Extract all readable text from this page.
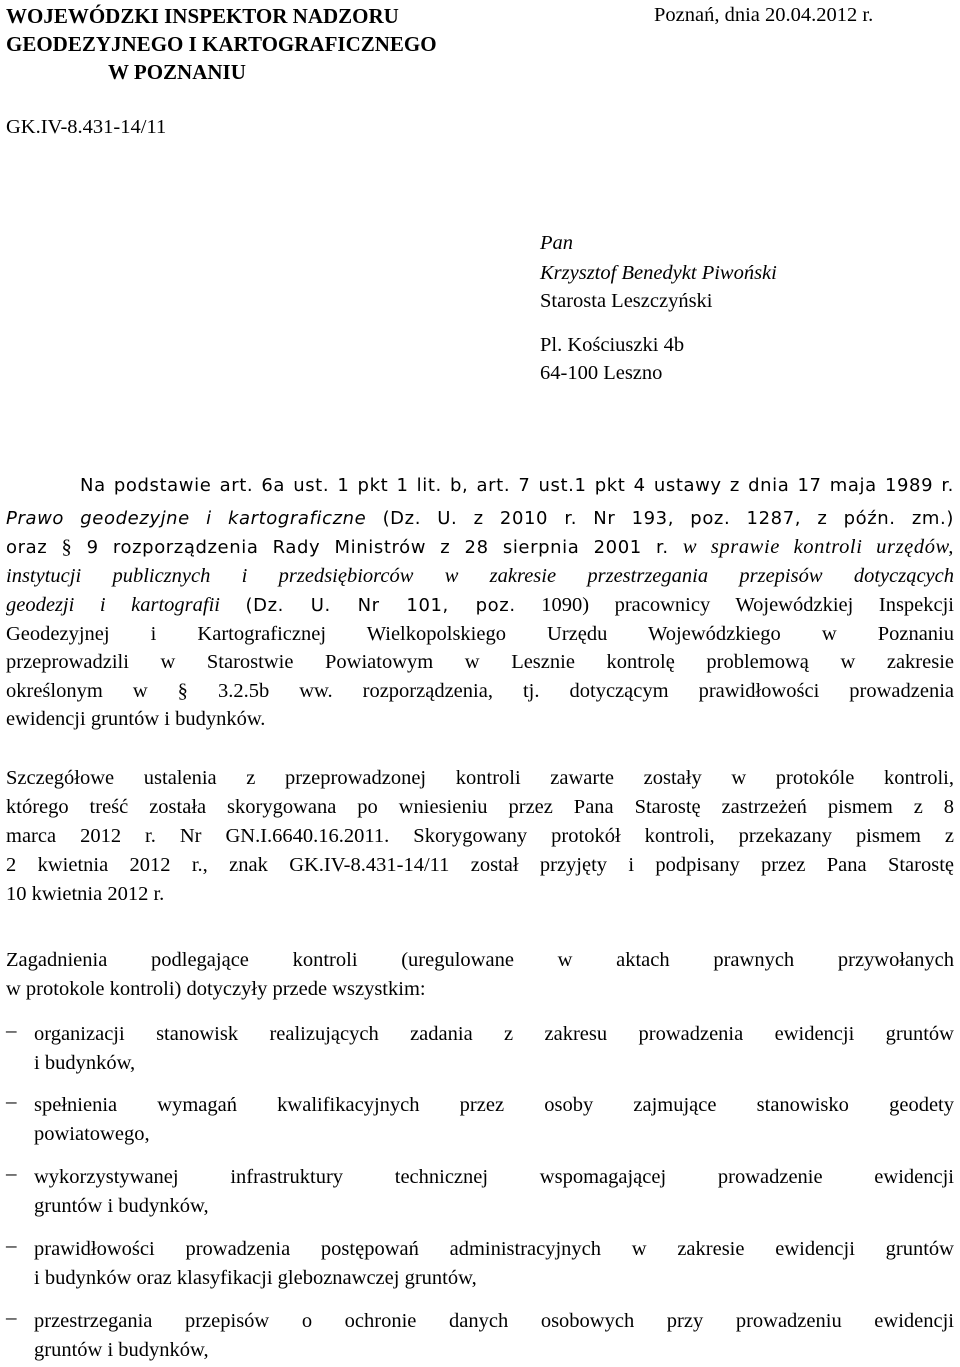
WOJEWÓDZKI INSPEKTOR NADZORU
GEODEZYJNEGO I KARTOGRAFICZNEGO
W POZNANIU
Poznań, dnia 20.04.2012 r.
GK.IV-8.431-14/11
Pan
Krzysztof Benedykt Piwoński
Starosta Leszczyński
Pl. Kościuszki 4b
64-100 Leszno
Na podstawie art. 6a ust. 1 pkt 1 lit. b, art. 7 ust.1 pkt 4 ustawy z dnia 17 maja 1989 r.
Prawo geodezyjne i kartograficzne (Dz. U. z 2010 r. Nr 193, poz. 1287, z późn. zm.)
oraz § 9 rozporządzenia Rady Ministrów z 28 sierpnia 2001 r. w sprawie kontroli urzędów,
instytucji publicznych i przedsiębiorców w zakresie przestrzegania przepisów dotyczących
geodezji i kartografii (Dz. U. Nr 101, poz. 1090) pracownicy Wojewódzkiej Inspekcji
Geodezyjnej i Kartograficznej Wielkopolskiego Urzędu Wojewódzkiego w Poznaniu
przeprowadzili w Starostwie Powiatowym w Lesznie kontrolę problemową w zakresie
określonym w § 3.2.5b ww. rozporządzenia, tj. dotyczącym prawidłowości prowadzenia
ewidencji gruntów i budynków.
Szczegółowe ustalenia z przeprowadzonej kontroli zawarte zostały w protokóle kontroli,
którego treść została skorygowana po wniesieniu przez Pana Starostę zastrzeżeń pismem z 8
marca 2012 r. Nr GN.I.6640.16.2011. Skorygowany protokół kontroli, przekazany pismem z
2 kwietnia 2012 r., znak GK.IV-8.431-14/11 został przyjęty i podpisany przez Pana Starostę
10 kwietnia 2012 r.
Zagadnienia podlegające kontroli (uregulowane w aktach prawnych przywołanych
w protokole kontroli) dotyczyły przede wszystkim:
– organizacji stanowisk realizujących zadania z zakresu prowadzenia ewidencji gruntów
i budynków,
– spełnienia wymagań kwalifikacyjnych przez osoby zajmujące stanowisko geodety
powiatowego,
– wykorzystywanej infrastruktury technicznej wspomagającej prowadzenie ewidencji
gruntów i budynków,
– prawidłowości prowadzenia postępowań administracyjnych w zakresie ewidencji gruntów
i budynków oraz klasyfikacji gleboznawczej gruntów,
– przestrzegania przepisów o ochronie danych osobowych przy prowadzeniu ewidencji
gruntów i budynków,
